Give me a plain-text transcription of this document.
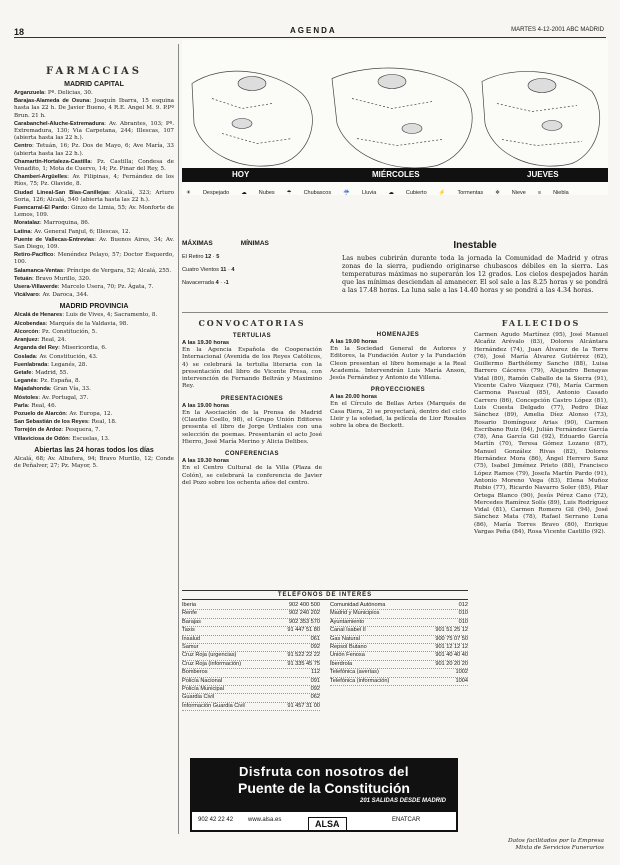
18	AGENDA	MARTES 4-12-2001 ABC MADRID
FARMACIAS
MADRID CAPITAL

Arganzuela: Pº. Delicias, 30.

Barajas-Alameda de Osuna: Joaquín Ibarra, 15 esquina hasta las 22 h. De Javier Bueno, 4 R.E. Angel M. 9. P.Pº Brun. 21 h.

Carabanchel-Aluche-Extremadura: Av. Abrantes, 103; Pº. Extremadura, 130; Vía Carpetana, 244; Illescas, 107 (abierta hasta las 22 h.).

Centro: Tetuán, 16; Pz. Dos de Mayo, 6; Ave María, 33 (abierta hasta las 22 h.).

Chamartín-Hortaleza-Castilla: Pz. Castilla; Condesa de Venadito, 1; Mota de Cuervo, 14; Pz. Pinar del Rey, 5.

Chamberí-Argüelles: Av. Filipinas, 4; Fernández de los Ríos, 75; Pz. Olavide, 8.

Ciudad Lineal-San Blas-Canillejas: Alcalá, 323; Arturo Soria, 126; Alcalá, 540 (abierta hasta las 22 h.).

Fuencarral-El Pardo: Ginzo de Limia, 55; Av. Monforte de Lemos, 109.

Moratalaz: Marroquina, 86.

Latina: Av. General Fanjul, 6; Illescas, 12.

Puente de Vallecas-Entrevías: Av. Buenos Aires, 34; Av. San Diego, 109.

Retiro-Pacífico: Menéndez Pelayo, 57; Doctor Esquerdo, 100.

Salamanca-Ventas: Príncipe de Vergara, 52; Alcalá, 255.

Tetuán: Bravo Murillo, 320.

Usera-Villaverde: Marcelo Usera, 70; Pz. Ágata, 7.

Vicálvaro: Av. Daroca, 344.

MADRID PROVINCIA

Alcalá de Henares: Luis de Vives, 4; Sacramento, 8.

Alcobendas: Marqués de la Valdavia, 98.

Alcorcón: Pz. Constitución, 5.

Aranjuez: Real, 24.

Arganda del Rey: Misericordia, 6.

Coslada: Av. Constitución, 43.

Fuenlabrada: Leganés, 28.

Getafe: Madrid, 55.

Leganés: Pz. España, 8.

Majadahonda: Gran Vía, 33.

Móstoles: Av. Portugal, 37.

Parla: Real, 46.

Pozuelo de Alarcón: Av. Europa, 12.

San Sebastián de los Reyes: Real, 18.

Torrejón de Ardoz: Pesquera, 7.

Villaviciosa de Odón: Escuelas, 13.

Abiertas las 24 horas todos los días

Alcalá, 68; Av. Albufera, 94; Bravo Murillo, 12; Conde de Peñalver, 27; Pz. Mayor, 5.

HOY	MIÉRCOLES	JUEVES
☀ Despejado ☁ Nubes ☂ Chubascos ☔ Lluvia ☁ Cubierto ⚡ Tormentas ❄ Nieve ≡ Niebla
MÁXIMAS	MÍNIMAS
El Retiro 12 · 5
Cuatro Vientos 11 · 4
Navacerrada 4 · -1
Inestable

Las nubes cubrirán durante toda la jornada la Comunidad de Madrid y otras zonas de la sierra, pudiendo originarse chubascos débiles en la sierra. Las temperaturas máximas no superarán los 12 grados. Los cielos despejados harán que las mínimas desciendan al amanecer. El sol sale a las 8.25 horas y se pondrá a las 17.48 horas. La luna sale a las 14.40 horas y se pondrá a las 4.34 horas.

CONVOCATORIAS
TERTULIAS
A las 19.30 horas

En la Agencia Española de Cooperación Internacional (Avenida de los Reyes Católicos, 4) se celebrará la tertulia literaria con la presentación del libro de Vicente Presa, con intervención de Fernando Beltrán y Maximino Rey.

PRESENTACIONES
A las 19.00 horas

En la Asociación de la Prensa de Madrid (Claudio Coello, 98), el Grupo Unión Editores presenta el libro de Jorge Urdiales con una selección de poemas. Presentarán el acto José Hierro, José María Merino y Alicia Delibes.

CONFERENCIAS
A las 19.30 horas

En el Centro Cultural de la Villa (Plaza de Colón), se celebrará la conferencia de Javier del Pozo sobre los ochenta años del centro.

HOMENAJES
A las 19.00 horas

En la Sociedad General de Autores y Editores, la Fundación Autor y la Fundación Cleon presentan el libro homenaje a la Real Academia. Intervendrán Luis María Anson, Jesús Fernández y Antonio de Villena.

PROYECCIONES
A las 20.00 horas

En el Círculo de Bellas Artes (Marqués de Casa Riera, 2) se proyectará, dentro del ciclo Lleir y la soledad, la película de Lior Rosales sobre la obra de Beckett.

FALLECIDOS

Carmen Agudo Martínez (95), José Manuel Alcañiz Arévalo (83), Dolores Alcántara Hernández (74), Juan Álvarez de la Torre (76), José María Álvarez Gutiérrez (62), Guillermo Barthélemy Sancho (88), Luisa Barrero Cáceres (79), Alejandro Benayas Vidal (80), Ramón Caballo de la Sierra (91), Vicente Calvo Vázquez (76), María Carmen Carmona Pascual (85), Antonio Casado Carrero (86), Concepción Castro López (81), Luis Cuesta Delgado (77), Pedro Díaz Sánchez (89), Amelia Díez Alonso (73), Rosario Domínguez Arias (90), Carmen Escribano Ruiz (84), Julián Fernández García (78), Ana García Gil (92), Eduardo García Martín (70), Teresa Gómez Lozano (87), Manuel González Rivas (82), Dolores Hernández Mora (86), Ángel Herrero Sanz (75), Isabel Jiménez Prieto (88), Francisco López Ramos (79), Josefa Martín Pardo (91), Antonio Moreno Vega (83), Elena Muñoz Rubio (77), Ricardo Navarro Soler (85), Pilar Ortega Blanco (90), Jesús Pérez Cano (72), Mercedes Ramírez Solís (89), Luis Rodríguez Vidal (81), Carmen Romero Gil (94), José Sánchez Mata (78), Rafael Serrano Luna (86), María Torres Bravo (80), Enrique Vargas Peña (84), Rosa Vicente Castillo (92).

TELÉFONOS DE INTERÉS
Iberia	902 400 500
Renfe	902 240 202
Barajas	902 353 570
Taxis	91 447 51 80
Insalud	061
Samur	092
Cruz Roja (urgencias)	91 522 22 22
Cruz Roja (información)	91 335 45 75
Bomberos	112
Policía Nacional	091
Policía Municipal	092
Guardia Civil	062
Información Guardia Civil	91 457 31 00
Comunidad Autónoma	012
Madrid y Municipios	010
Ayuntamiento	010
Canal Isabel II	901 51 25 12
Gas Natural	900 75 07 50
Repsol Butano	901 12 12 12
Unión Fenosa	901 40 40 40
Iberdrola	901 20 20 20
Telefónica (averías)	1002
Telefónica (información)	1004
Disfruta con nosotros del
Puente de la Constitución
201 SALIDAS DESDE MADRID
902 42 22 42 www.alsa.es	ALSA	ENATCAR
Datos facilitados por la Empresa
Mixta de Servicios Funerarios
